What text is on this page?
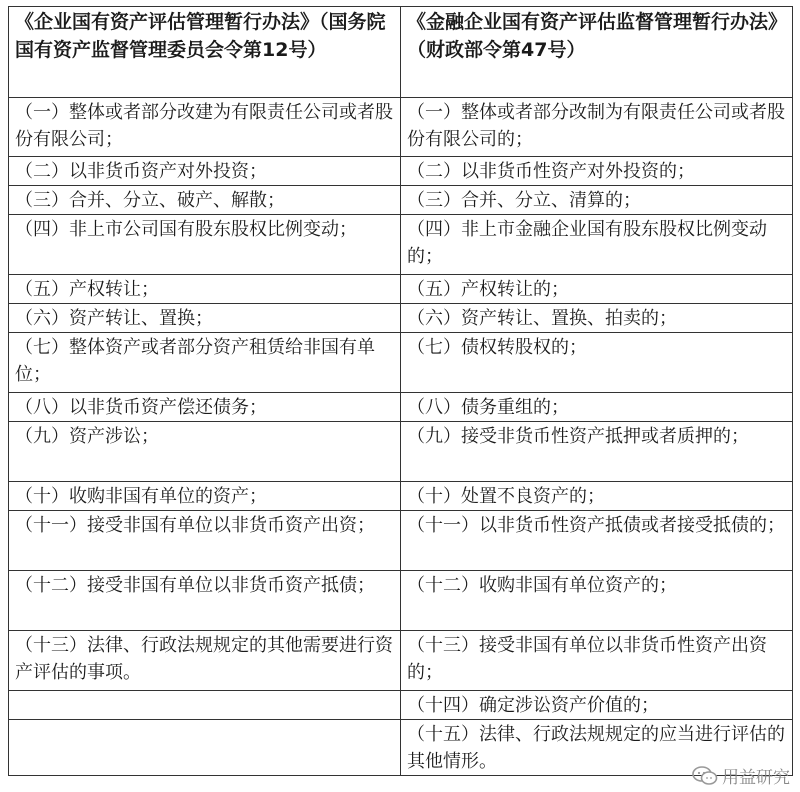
《企业国有资产评估管理暂行办法》（国务院国有资产监督管理委员会令第12号）	《金融企业国有资产评估监督管理暂行办法》（财政部令第47号）
（一）整体或者部分改建为有限责任公司或者股份有限公司；	（一）整体或者部分改制为有限责任公司或者股份有限公司的；
（二）以非货币资产对外投资；	（二）以非货币性资产对外投资的；
（三）合并、分立、破产、解散；	（三）合并、分立、清算的；
（四）非上市公司国有股东股权比例变动；	（四）非上市金融企业国有股东股权比例变动的；
（五）产权转让；	（五）产权转让的；
（六）资产转让、置换；	（六）资产转让、置换、拍卖的；
（七）整体资产或者部分资产租赁给非国有单位；	（七）债权转股权的；
（八）以非货币资产偿还债务；	（八）债务重组的；
（九）资产涉讼；	（九）接受非货币性资产抵押或者质押的；
（十）收购非国有单位的资产；	（十）处置不良资产的；
（十一）接受非国有单位以非货币资产出资；	（十一）以非货币性资产抵债或者接受抵债的；
（十二）接受非国有单位以非货币资产抵债；	（十二）收购非国有单位资产的；
（十三）法律、行政法规规定的其他需要进行资产评估的事项。	（十三）接受非国有单位以非货币性资产出资的；
	（十四）确定涉讼资产价值的；
	（十五）法律、行政法规规定的应当进行评估的其他情形。
用益研究
